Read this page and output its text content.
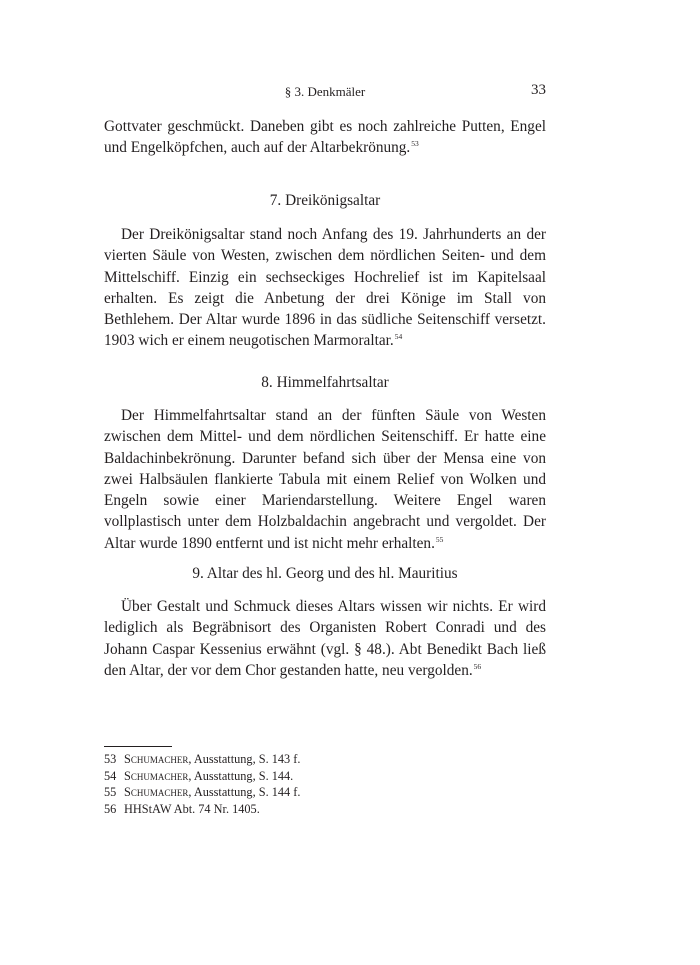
§ 3. Denkmäler	33

Gottvater geschmückt. Daneben gibt es noch zahlreiche Putten, Engel und Engelköpfchen, auch auf der Altarbekrönung.$^{53}$

7. Dreikönigsaltar

Der Dreikönigsaltar stand noch Anfang des 19. Jahrhunderts an der vierten Säule von Westen, zwischen dem nördlichen Seiten- und dem Mittelschiff. Einzig ein sechseckiges Hochrelief ist im Kapitelsaal erhalten. Es zeigt die Anbetung der drei Könige im Stall von Bethlehem. Der Altar wurde 1896 in das südliche Seitenschiff versetzt. 1903 wich er einem neugotischen Marmoraltar.$^{54}$

8. Himmelfahrtsaltar

Der Himmelfahrtsaltar stand an der fünften Säule von Westen zwischen dem Mittel- und dem nördlichen Seitenschiff. Er hatte eine Baldachinbekrönung. Darunter befand sich über der Mensa eine von zwei Halbsäulen flankierte Tabula mit einem Relief von Wolken und Engeln sowie einer Mariendarstellung. Weitere Engel waren vollplastisch unter dem Holzbaldachin angebracht und vergoldet. Der Altar wurde 1890 entfernt und ist nicht mehr erhalten.$^{55}$

9. Altar des hl. Georg und des hl. Mauritius

Über Gestalt und Schmuck dieses Altars wissen wir nichts. Er wird lediglich als Begräbnisort des Organisten Robert Conradi und des Johann Caspar Kessenius erwähnt (vgl. § 48.). Abt Benedikt Bach ließ den Altar, der vor dem Chor gestanden hatte, neu vergolden.$^{56}$

53 Schumacher, Ausstattung, S. 143 f.
54 Schumacher, Ausstattung, S. 144.
55 Schumacher, Ausstattung, S. 144 f.
56 HHStAW Abt. 74 Nr. 1405.
